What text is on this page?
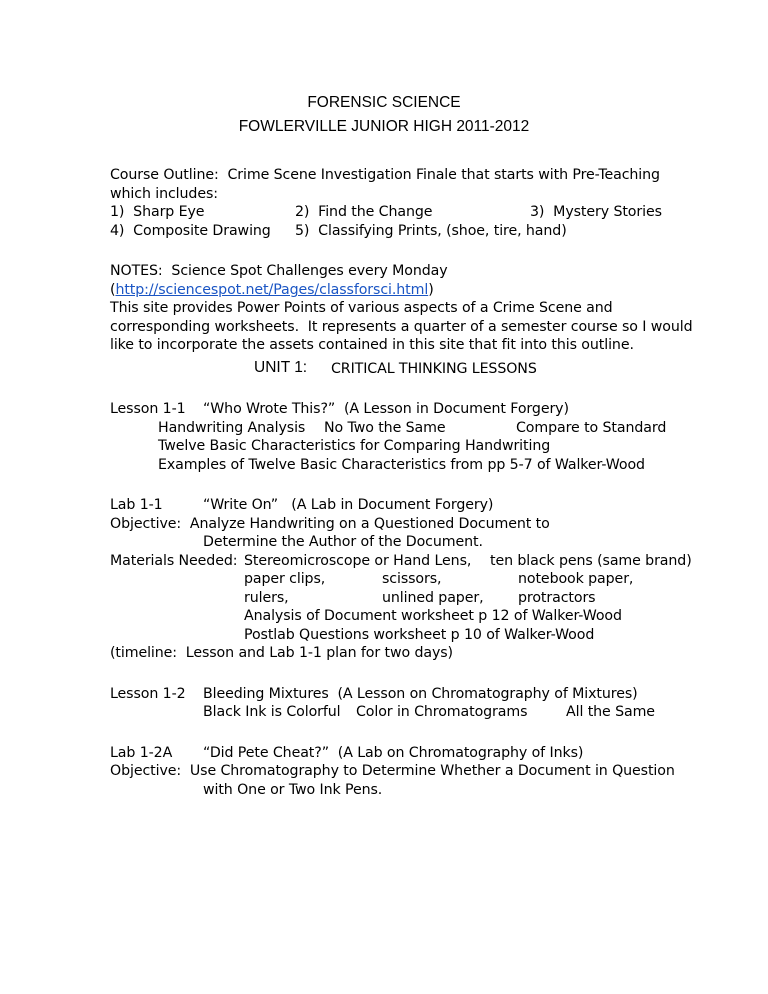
FORENSIC SCIENCE
FOWLERVILLE JUNIOR HIGH 2011-2012
Course Outline:  Crime Scene Investigation Finale that starts with Pre-Teaching
which includes:
1)  Sharp Eye	2)  Find the Change	3)  Mystery Stories
4)  Composite Drawing 5)  Classifying Prints, (shoe, tire, hand)
NOTES:  Science Spot Challenges every Monday
(http://sciencespot.net/Pages/classforsci.html)
This site provides Power Points of various aspects of a Crime Scene and
corresponding worksheets.  It represents a quarter of a semester course so I would
like to incorporate the assets contained in this site that fit into this outline.
UNIT 1: CRITICAL THINKING LESSONS
Lesson 1-1 “Who Wrote This?”  (A Lesson in Document Forgery)
Handwriting Analysis No Two the Same	Compare to Standard
Twelve Basic Characteristics for Comparing Handwriting
Examples of Twelve Basic Characteristics from pp 5-7 of Walker-Wood
Lab 1-1	“Write On”   (A Lab in Document Forgery)
Objective:  Analyze Handwriting on a Questioned Document to
Determine the Author of the Document.
Materials Needed: Stereomicroscope or Hand Lens, ten black pens (same brand)
paper clips,	scissors,	notebook paper,
rulers,	unlined paper, protractors
Analysis of Document worksheet p 12 of Walker-Wood
Postlab Questions worksheet p 10 of Walker-Wood
(timeline:  Lesson and Lab 1-1 plan for two days)
Lesson 1-2 Bleeding Mixtures  (A Lesson on Chromatography of Mixtures)
Black Ink is Colorful Color in Chromatograms	All the Same
Lab 1-2A “Did Pete Cheat?”  (A Lab on Chromatography of Inks)
Objective:  Use Chromatography to Determine Whether a Document in Question
with One or Two Ink Pens.
